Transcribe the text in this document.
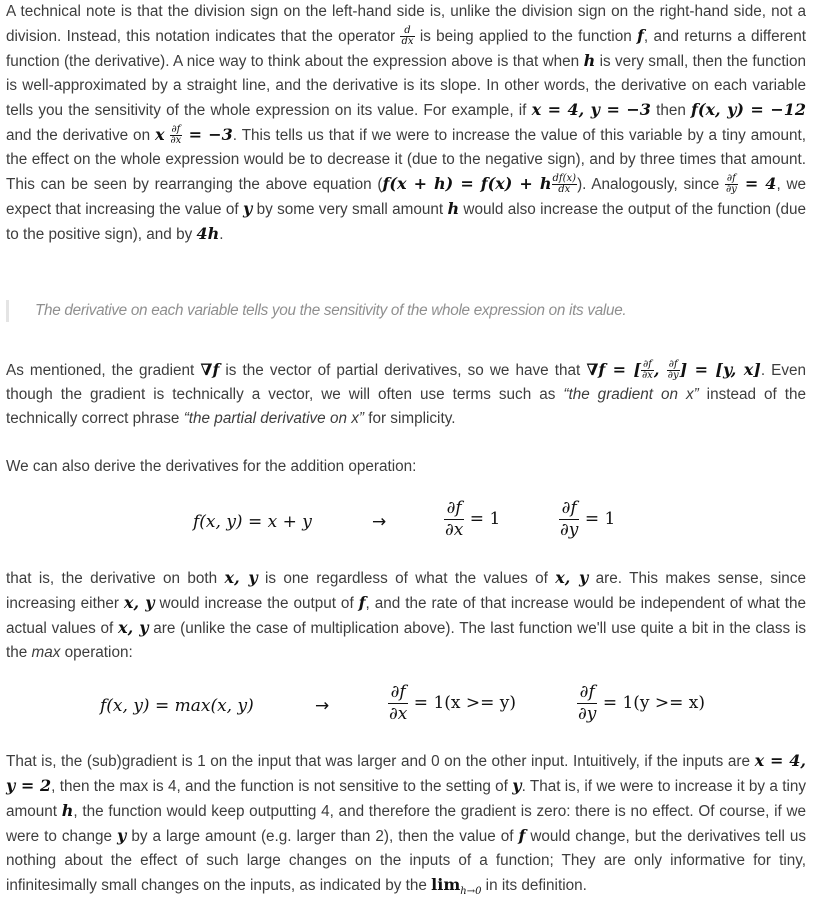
A technical note is that the division sign on the left-hand side is, unlike the division sign on the right-hand side, not a division. Instead, this notation indicates that the operator $\frac{d}{dx}$ is being applied to the function f, and returns a different function (the derivative). A nice way to think about the expression above is that when h is very small, then the function is well-approximated by a straight line, and the derivative is its slope. In other words, the derivative on each variable tells you the sensitivity of the whole expression on its value. For example, if x = 4, y = −3 then f(x, y) = −12 and the derivative on x $\frac{\partial f}{\partial x} = -3$. This tells us that if we were to increase the value of this variable by a tiny amount, the effect on the whole expression would be to decrease it (due to the negative sign), and by three times that amount. This can be seen by rearranging the above equation (f(x + h) = f(x) + h $\frac{df(x)}{dx}$ ). Analogously, since $\frac{\partial f}{\partial y} = 4$, we expect that increasing the value of y by some very small amount h would also increase the output of the function (due to the positive sign), and by 4h.
The derivative on each variable tells you the sensitivity of the whole expression on its value.
As mentioned, the gradient ∇f is the vector of partial derivatives, so we have that ∇f = [ $\frac{\partial f}{\partial x}$ , $\frac{\partial f}{\partial y}$ ] = [y, x]. Even though the gradient is technically a vector, we will often use terms such as “the gradient on x” instead of the technically correct phrase “the partial derivative on x” for simplicity.
We can also derive the derivatives for the addition operation:
f(x, y) = x + y	→	$\frac{\partial f}{\partial x} = 1$	$\frac{\partial f}{\partial y} = 1$
that is, the derivative on both x, y is one regardless of what the values of x, y are. This makes sense, since increasing either x, y would increase the output of f, and the rate of that increase would be independent of what the actual values of x, y are (unlike the case of multiplication above). The last function we'll use quite a bit in the class is the max operation:
f(x, y) = max(x, y)	→	$\frac{\partial f}{\partial x} = 1(x >= y)$	$\frac{\partial f}{\partial y} = 1(y >= x)$
That is, the (sub)gradient is 1 on the input that was larger and 0 on the other input. Intuitively, if the inputs are x = 4, y = 2, then the max is 4, and the function is not sensitive to the setting of y. That is, if we were to increase it by a tiny amount h, the function would keep outputting 4, and therefore the gradient is zero: there is no effect. Of course, if we were to change y by a large amount (e.g. larger than 2), then the value of f would change, but the derivatives tell us nothing about the effect of such large changes on the inputs of a function; They are only informative for tiny, infinitesimally small changes on the inputs, as indicated by the $\lim_{h\to 0}$ in its definition.
